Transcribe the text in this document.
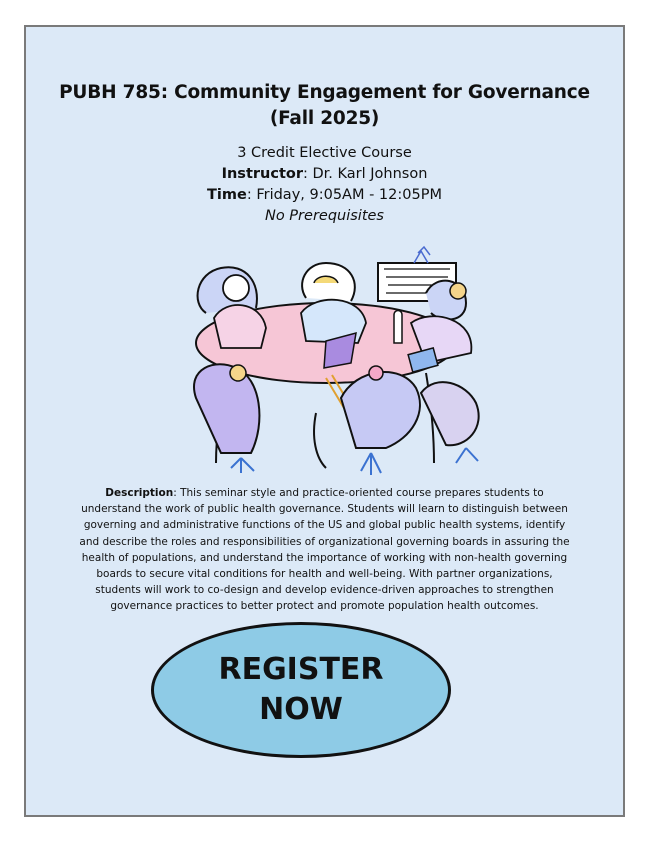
PUBH 785: Community Engagement for Governance
(Fall 2025)
3 Credit Elective Course
Instructor: Dr. Karl Johnson
Time: Friday, 9:05AM - 12:05PM
No Prerequisites
Description: This seminar style and practice-oriented course prepares students to understand the work of public health governance. Students will learn to distinguish between governing and administrative functions of the US and global public health systems, identify and describe the roles and responsibilities of organizational governing boards in assuring the health of populations, and understand the importance of working with non-health governing boards to secure vital conditions for health and well-being. With partner organizations, students will work to co-design and develop evidence-driven approaches to strengthen governance practices to better protect and promote population health outcomes.
REGISTER
NOW
